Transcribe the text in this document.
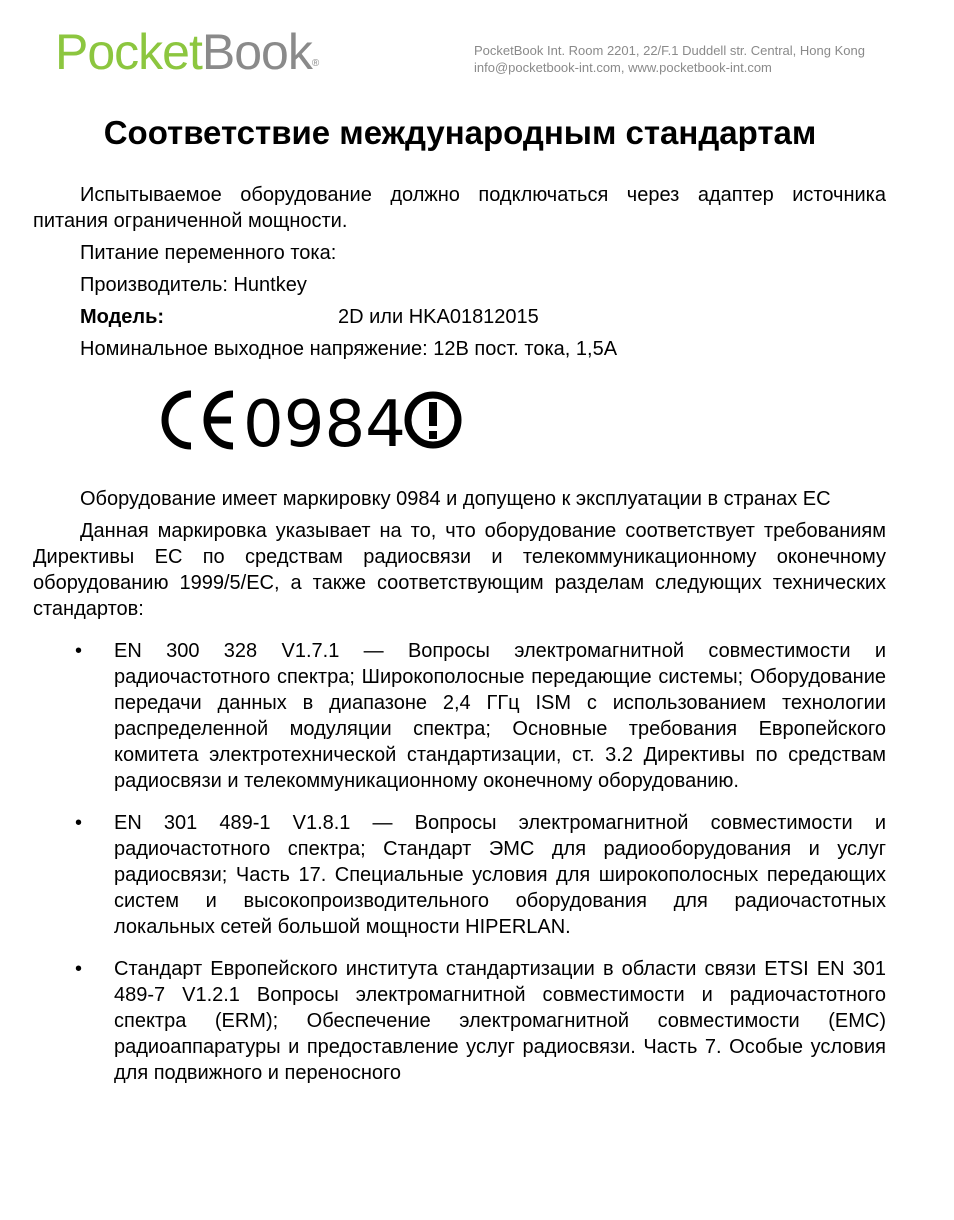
PocketBook®
PocketBook Int. Room 2201, 22/F.1 Duddell str. Central, Hong Kong
info@pocketbook-int.com, www.pocketbook-int.com
Соответствие международным стандартам

Испытываемое оборудование должно подключаться через адаптер источника питания ограниченной мощности.

Питание переменного тока:
Производитель: Huntkey
Модель:	2D или HKA01812015
Номинальное выходное напряжение: 12В пост. тока, 1,5А
0984

Оборудование имеет маркировку 0984 и допущено к эксплуатации в странах ЕС

Данная маркировка указывает на то, что оборудование соответствует требованиям Директивы ЕС по средствам радиосвязи и телекоммуникационному оконечному оборудованию 1999/5/EC, а также соответствующим разделам следующих технических стандартов:

• EN 300 328 V1.7.1 — Вопросы электромагнитной совместимости и радиочастотного спектра; Широкополосные передающие системы; Оборудование передачи данных в диапазоне 2,4 ГГц ISM с использованием технологии распределенной модуляции спектра; Основные требования Европейского комитета электротехнической стандартизации, ст. 3.2 Директивы по средствам радиосвязи и телекоммуникационному оконечному оборудованию.
• EN 301 489-1 V1.8.1 — Вопросы электромагнитной совместимости и радиочастотного спектра; Стандарт ЭМС для радиооборудования и услуг радиосвязи; Часть 17. Специальные условия для широкополосных передающих систем и высокопроизводительного оборудования для радиочастотных локальных сетей большой мощности HIPERLAN.
• Стандарт Европейского института стандартизации в области связи ETSI EN 301 489-7 V1.2.1 Вопросы электромагнитной совместимости и радиочастотного спектра (ERM); Обеспечение электромагнитной совместимости (EMC) радиоаппаратуры и предоставление услуг радиосвязи. Часть 7. Особые условия для подвижного и переносного
